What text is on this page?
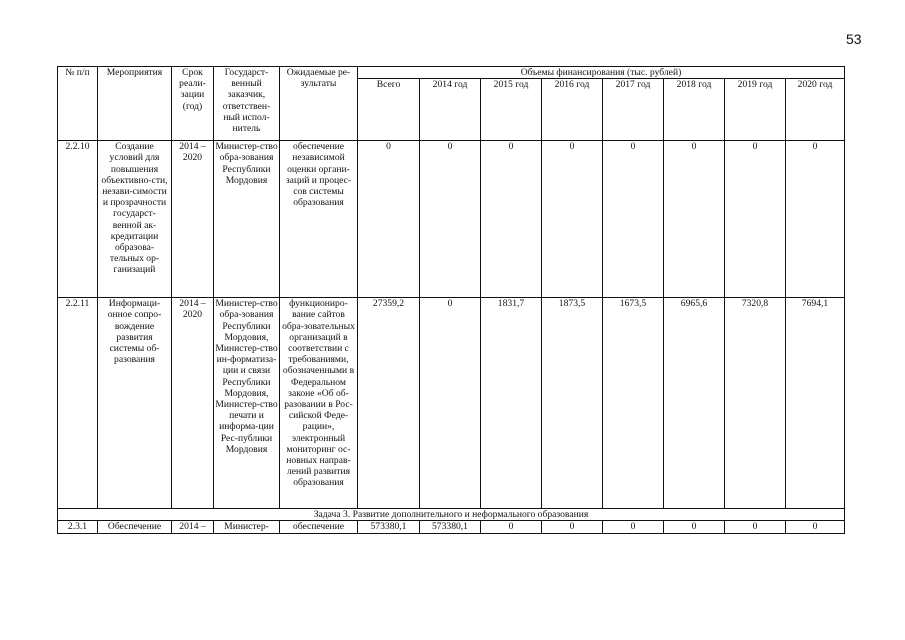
53
№ п/п	Мероприятия	Срок реали-зации (год)	Государст-венный заказчик, ответствен-ный испол-нитель	Ожидаемые ре-зультаты	Объемы финансирования (тыс. рублей)							
					Всего	2014 год	2015 год	2016 год	2017 год	2018 год	2019 год	2020 год
2.2.10	Создание условий для повышения объективно-сти, незави-симости и прозрачности государст-венной ак-кредитации образова-тельных ор-ганизаций	2014 – 2020	Министер-ство обра-зования Республики Мордовия	обеспечение независимой оценки органи-заций и процес-сов системы образования	0	0	0	0	0	0	0	0
2.2.11	Информаци-онное сопро-вождение развития системы об-разования	2014 – 2020	Министер-ство обра-зования Республики Мордовия, Министер-ство ин-форматиза-ции и связи Республики Мордовия, Министер-ство печати и информа-ции Рес-публики Мордовия	функциониро-вание сайтов обра-зовательных организаций в соответствии с требованиями, обозначенными в Федеральном законе «Об об-разовании в Рос-сийской Феде-рации», электронный мониторинг ос-новных направ-лений развития образования	27359,2	0	1831,7	1873,5	1673,5	6965,6	7320,8	7694,1
Задача 3. Развитие дополнительного и неформального образования												
2.3.1	Обеспечение	2014 –	Министер-	обеспечение	573380,1	573380,1	0	0	0	0	0	0
